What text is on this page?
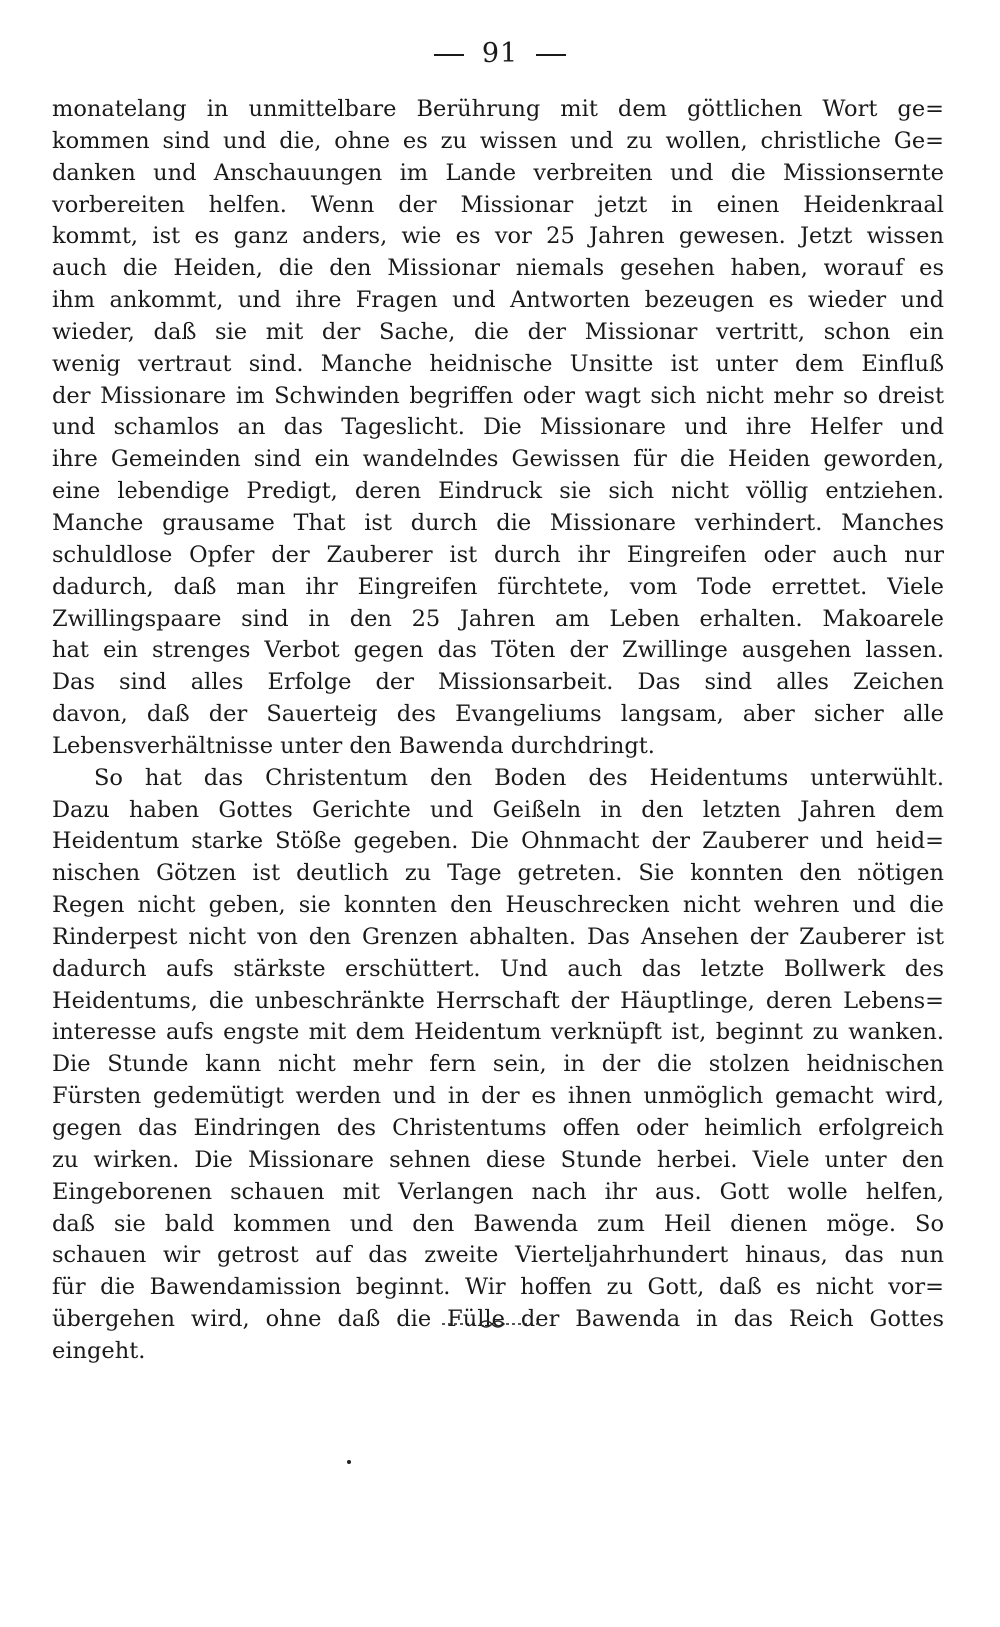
91
monatelang in unmittelbare Berührung mit dem göttlichen Wort ge=
kommen sind und die, ohne es zu wissen und zu wollen, christliche Ge=
danken und Anschauungen im Lande verbreiten und die Missionsernte
vorbereiten helfen. Wenn der Missionar jetzt in einen Heidenkraal
kommt, ist es ganz anders, wie es vor 25 Jahren gewesen. Jetzt wissen
auch die Heiden, die den Missionar niemals gesehen haben, worauf es
ihm ankommt, und ihre Fragen und Antworten bezeugen es wieder und
wieder, daß sie mit der Sache, die der Missionar vertritt, schon ein
wenig vertraut sind. Manche heidnische Unsitte ist unter dem Einfluß
der Missionare im Schwinden begriffen oder wagt sich nicht mehr so dreist
und schamlos an das Tageslicht. Die Missionare und ihre Helfer und
ihre Gemeinden sind ein wandelndes Gewissen für die Heiden geworden,
eine lebendige Predigt, deren Eindruck sie sich nicht völlig entziehen.
Manche grausame That ist durch die Missionare verhindert. Manches
schuldlose Opfer der Zauberer ist durch ihr Eingreifen oder auch nur
dadurch, daß man ihr Eingreifen fürchtete, vom Tode errettet. Viele
Zwillingspaare sind in den 25 Jahren am Leben erhalten. Makoarele
hat ein strenges Verbot gegen das Töten der Zwillinge ausgehen lassen.
Das sind alles Erfolge der Missionsarbeit. Das sind alles Zeichen
davon, daß der Sauerteig des Evangeliums langsam, aber sicher alle
Lebensverhältnisse unter den Bawenda durchdringt.
So hat das Christentum den Boden des Heidentums unterwühlt.
Dazu haben Gottes Gerichte und Geißeln in den letzten Jahren dem
Heidentum starke Stöße gegeben. Die Ohnmacht der Zauberer und heid=
nischen Götzen ist deutlich zu Tage getreten. Sie konnten den nötigen
Regen nicht geben, sie konnten den Heuschrecken nicht wehren und die
Rinderpest nicht von den Grenzen abhalten. Das Ansehen der Zauberer ist
dadurch aufs stärkste erschüttert. Und auch das letzte Bollwerk des
Heidentums, die unbeschränkte Herrschaft der Häuptlinge, deren Lebens=
interesse aufs engste mit dem Heidentum verknüpft ist, beginnt zu wanken.
Die Stunde kann nicht mehr fern sein, in der die stolzen heidnischen
Fürsten gedemütigt werden und in der es ihnen unmöglich gemacht wird,
gegen das Eindringen des Christentums offen oder heimlich erfolgreich
zu wirken. Die Missionare sehnen diese Stunde herbei. Viele unter den
Eingeborenen schauen mit Verlangen nach ihr aus. Gott wolle helfen,
daß sie bald kommen und den Bawenda zum Heil dienen möge. So
schauen wir getrost auf das zweite Vierteljahrhundert hinaus, das nun
für die Bawendamission beginnt. Wir hoffen zu Gott, daß es nicht vor=
übergehen wird, ohne daß die Fülle der Bawenda in das Reich Gottes
eingeht.
